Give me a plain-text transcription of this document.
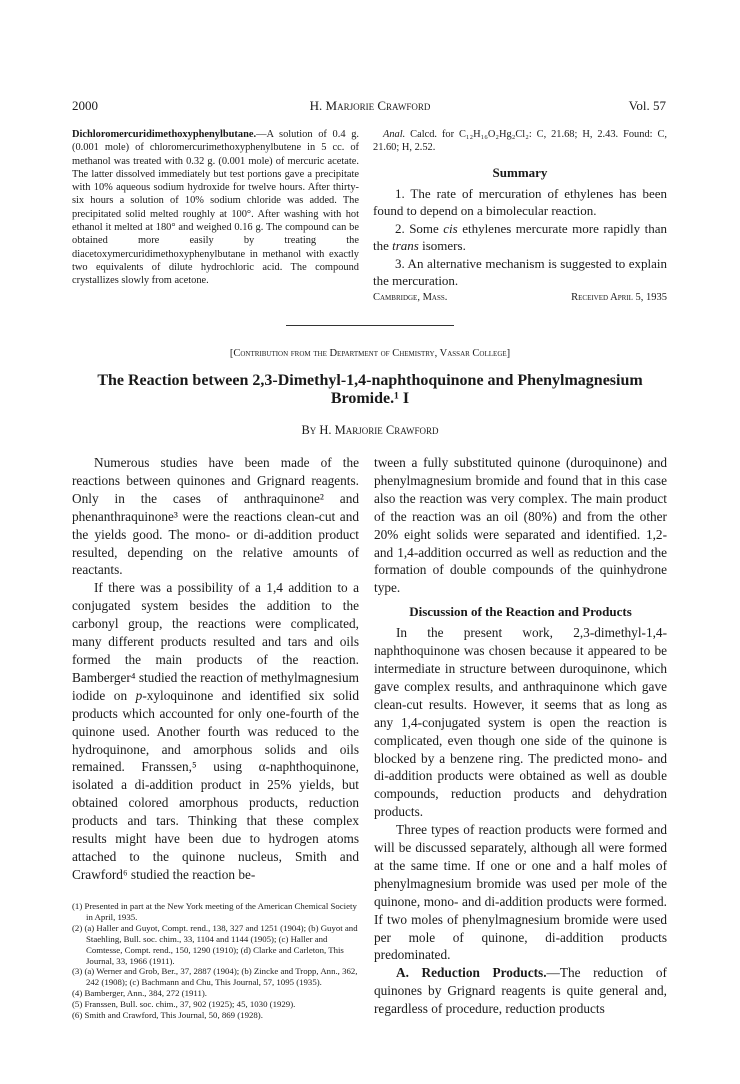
2000	H. Marjorie Crawford	Vol. 57

Dichloromercuridimethoxyphenylbutane.—A solution of 0.4 g. (0.001 mole) of chloromercurimethoxyphenylbutene in 5 cc. of methanol was treated with 0.32 g. (0.001 mole) of mercuric acetate. The latter dissolved immediately but test portions gave a precipitate with 10% aqueous sodium hydroxide for twelve hours. After thirty-six hours a solution of 10% sodium chloride was added. The precipitated solid melted roughly at 100°. After washing with hot ethanol it melted at 180° and weighed 0.16 g. The compound can be obtained more easily by treating the diacetoxymercuridimethoxyphenylbutane in methanol with exactly two equivalents of dilute hydrochloric acid. The compound crystallizes slowly from acetone.

Anal. Calcd. for C₁₂H₁₆O₂Hg₂Cl₂: C, 21.68; H, 2.43. Found: C, 21.60; H, 2.52.
Summary

1. The rate of mercuration of ethylenes has been found to depend on a bimolecular reaction.

2. Some cis ethylenes mercurate more rapidly than the trans isomers.

3. An alternative mechanism is suggested to explain the mercuration.

Cambridge, Mass.	Received April 5, 1935
[Contribution from the Department of Chemistry, Vassar College]
The Reaction between 2,3-Dimethyl-1,4-naphthoquinone and Phenylmagnesium
Bromide.¹ I
By H. Marjorie Crawford

Numerous studies have been made of the reactions between quinones and Grignard reagents. Only in the cases of anthraquinone² and phenanthraquinone³ were the reactions clean-cut and the yields good. The mono- or di-addition product resulted, depending on the relative amounts of reactants.

If there was a possibility of a 1,4 addition to a conjugated system besides the addition to the carbonyl group, the reactions were complicated, many different products resulted and tars and oils formed the main products of the reaction. Bamberger⁴ studied the reaction of methylmagnesium iodide on p-xyloquinone and identified six solid products which accounted for only one-fourth of the quinone used. Another fourth was reduced to the hydroquinone, and amorphous solids and oils remained. Franssen,⁵ using α-naphthoquinone, isolated a di-addition product in 25% yields, but obtained colored amorphous products, reduction products and tars. Thinking that these complex results might have been due to hydrogen atoms attached to the quinone nucleus, Smith and Crawford⁶ studied the reaction be-

(1) Presented in part at the New York meeting of the American Chemical Society in April, 1935.

(2) (a) Haller and Guyot, Compt. rend., 138, 327 and 1251 (1904); (b) Guyot and Staehling, Bull. soc. chim., 33, 1104 and 1144 (1905); (c) Haller and Comtesse, Compt. rend., 150, 1290 (1910); (d) Clarke and Carleton, This Journal, 33, 1966 (1911).

(3) (a) Werner and Grob, Ber., 37, 2887 (1904); (b) Zincke and Tropp, Ann., 362, 242 (1908); (c) Bachmann and Chu, This Journal, 57, 1095 (1935).

(4) Bamberger, Ann., 384, 272 (1911).

(5) Franssen, Bull. soc. chim., 37, 902 (1925); 45, 1030 (1929).

(6) Smith and Crawford, This Journal, 50, 869 (1928).

tween a fully substituted quinone (duroquinone) and phenylmagnesium bromide and found that in this case also the reaction was very complex. The main product of the reaction was an oil (80%) and from the other 20% eight solids were separated and identified. 1,2- and 1,4-addition occurred as well as reduction and the formation of double compounds of the quinhydrone type.

Discussion of the Reaction and Products

In the present work, 2,3-dimethyl-1,4-naphthoquinone was chosen because it appeared to be intermediate in structure between duroquinone, which gave complex results, and anthraquinone which gave clean-cut results. However, it seems that as long as any 1,4-conjugated system is open the reaction is complicated, even though one side of the quinone is blocked by a benzene ring. The predicted mono- and di-addition products were obtained as well as double compounds, reduction products and dehydration products.

Three types of reaction products were formed and will be discussed separately, although all were formed at the same time. If one or one and a half moles of phenylmagnesium bromide was used per mole of the quinone, mono- and di-addition products were formed. If two moles of phenylmagnesium bromide were used per mole of quinone, di-addition products predominated.

A. Reduction Products.—The reduction of quinones by Grignard reagents is quite general and, regardless of procedure, reduction products
